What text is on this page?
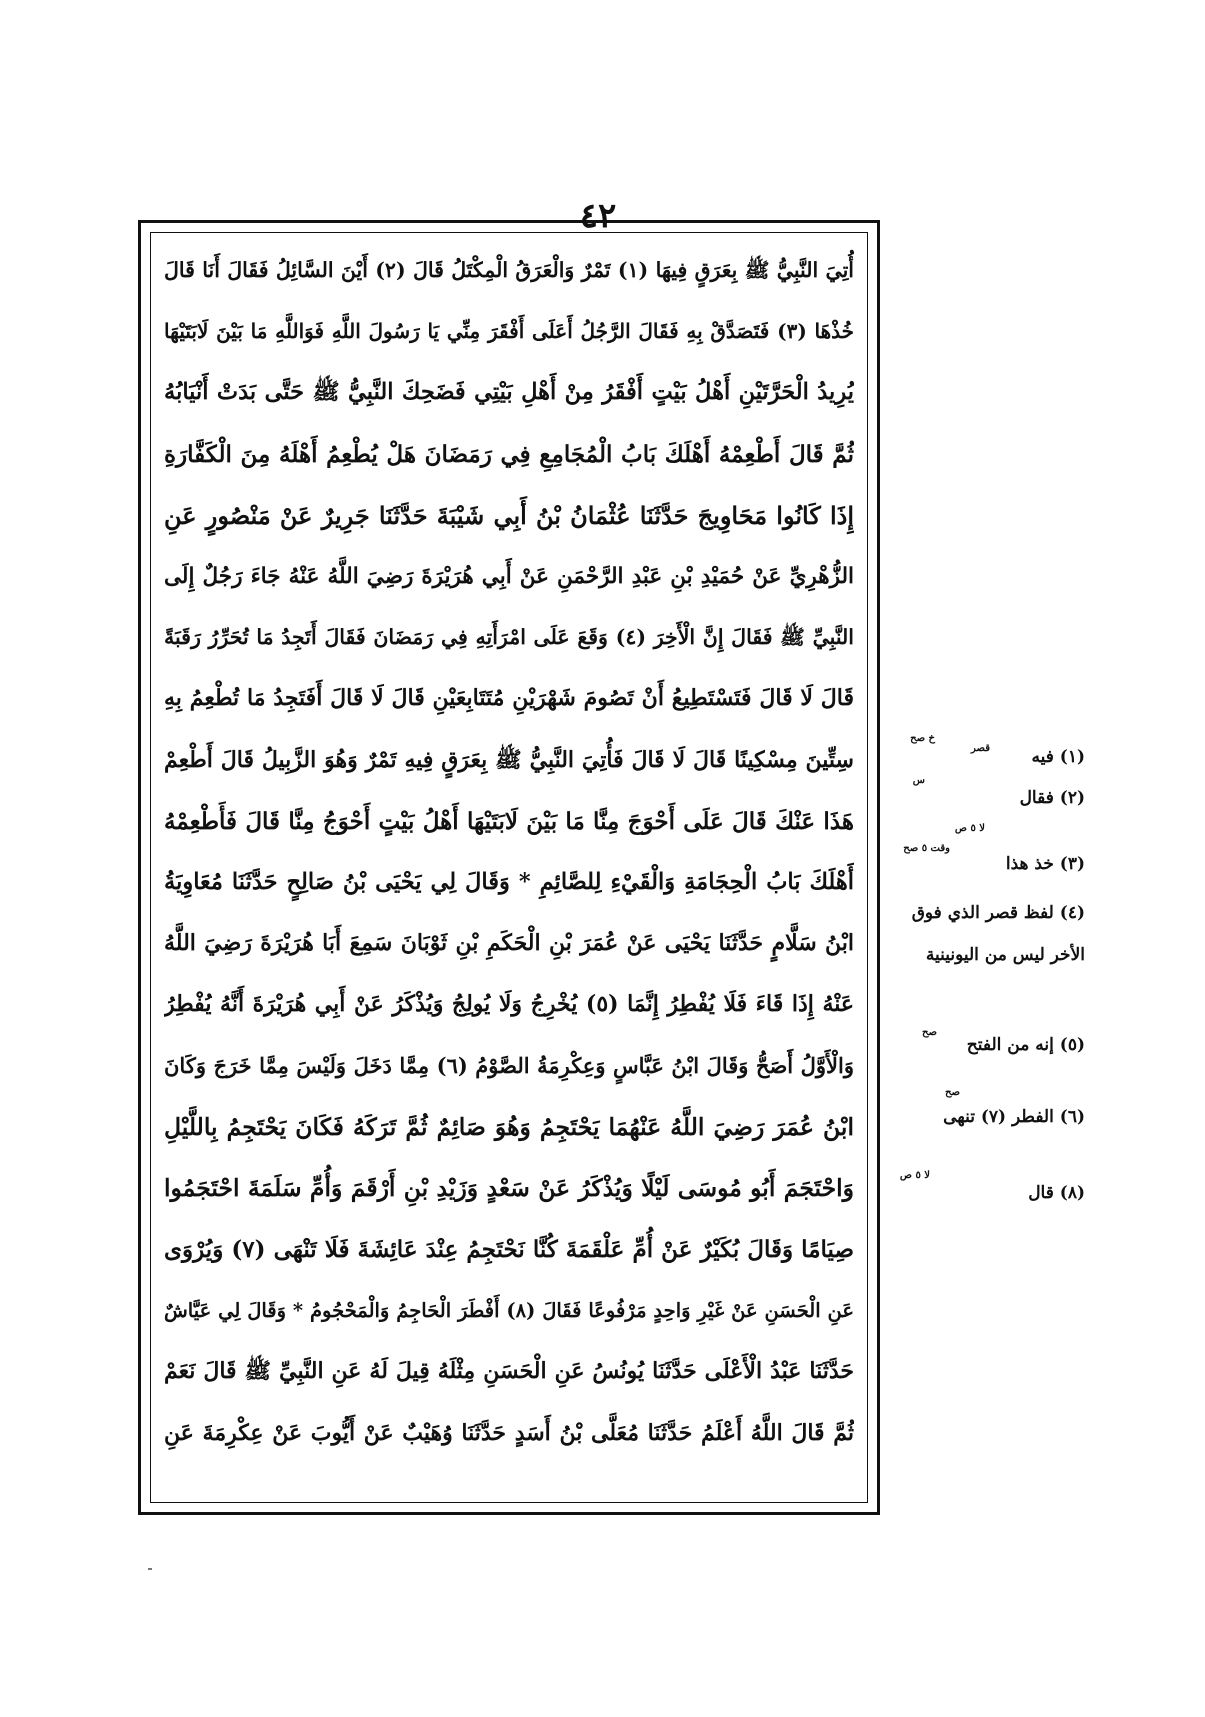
٤٢
أُتِيَ النَّبِيُّ ﷺ بِعَرَقٍ فِيهَا (١) تَمْرٌ وَالْعَرَقُ الْمِكْتَلُ قَالَ (٢) أَيْنَ السَّائِلُ فَقَالَ أَنَا قَالَ
خُذْهَا (٣) فَتَصَدَّقْ بِهِ فَقَالَ الرَّجُلُ أَعَلَى أَفْقَرَ مِنِّي يَا رَسُولَ اللَّهِ فَوَاللَّهِ مَا بَيْنَ لَابَتَيْهَا
يُرِيدُ الْحَرَّتَيْنِ أَهْلُ بَيْتٍ أَفْقَرُ مِنْ أَهْلِ بَيْتِي فَضَحِكَ النَّبِيُّ ﷺ حَتَّى بَدَتْ أَنْيَابُهُ
ثُمَّ قَالَ أَطْعِمْهُ أَهْلَكَ بَابُ الْمُجَامِعِ فِي رَمَضَانَ هَلْ يُطْعِمُ أَهْلَهُ مِنَ الْكَفَّارَةِ
إِذَا كَانُوا مَحَاوِيجَ حَدَّثَنَا عُثْمَانُ بْنُ أَبِي شَيْبَةَ حَدَّثَنَا جَرِيرٌ عَنْ مَنْصُورٍ عَنِ
الزُّهْرِيِّ عَنْ حُمَيْدِ بْنِ عَبْدِ الرَّحْمَنِ عَنْ أَبِي هُرَيْرَةَ رَضِيَ اللَّهُ عَنْهُ جَاءَ رَجُلٌ إِلَى
النَّبِيِّ ﷺ فَقَالَ إِنَّ الْأَخِرَ (٤) وَقَعَ عَلَى امْرَأَتِهِ فِي رَمَضَانَ فَقَالَ أَتَجِدُ مَا تُحَرِّرُ رَقَبَةً
قَالَ لَا قَالَ فَتَسْتَطِيعُ أَنْ تَصُومَ شَهْرَيْنِ مُتَتَابِعَيْنِ قَالَ لَا قَالَ أَفَتَجِدُ مَا تُطْعِمُ بِهِ
سِتِّينَ مِسْكِينًا قَالَ لَا قَالَ فَأُتِيَ النَّبِيُّ ﷺ بِعَرَقٍ فِيهِ تَمْرٌ وَهُوَ الزَّبِيلُ قَالَ أَطْعِمْ
هَذَا عَنْكَ قَالَ عَلَى أَحْوَجَ مِنَّا مَا بَيْنَ لَابَتَيْهَا أَهْلُ بَيْتٍ أَحْوَجُ مِنَّا قَالَ فَأَطْعِمْهُ
أَهْلَكَ بَابُ الْحِجَامَةِ وَالْقَيْءِ لِلصَّائِمِ * وَقَالَ لِي يَحْيَى بْنُ صَالِحٍ حَدَّثَنَا مُعَاوِيَةُ
ابْنُ سَلَّامٍ حَدَّثَنَا يَحْيَى عَنْ عُمَرَ بْنِ الْحَكَمِ بْنِ ثَوْبَانَ سَمِعَ أَبَا هُرَيْرَةَ رَضِيَ اللَّهُ
عَنْهُ إِذَا قَاءَ فَلَا يُفْطِرُ إِنَّمَا (٥) يُخْرِجُ وَلَا يُولِجُ وَيُذْكَرُ عَنْ أَبِي هُرَيْرَةَ أَنَّهُ يُفْطِرُ
وَالْأَوَّلُ أَصَحُّ وَقَالَ ابْنُ عَبَّاسٍ وَعِكْرِمَةُ الصَّوْمُ (٦) مِمَّا دَخَلَ وَلَيْسَ مِمَّا خَرَجَ وَكَانَ
ابْنُ عُمَرَ رَضِيَ اللَّهُ عَنْهُمَا يَحْتَجِمُ وَهُوَ صَائِمٌ ثُمَّ تَرَكَهُ فَكَانَ يَحْتَجِمُ بِاللَّيْلِ
وَاحْتَجَمَ أَبُو مُوسَى لَيْلًا وَيُذْكَرُ عَنْ سَعْدٍ وَزَيْدِ بْنِ أَرْقَمَ وَأُمِّ سَلَمَةَ احْتَجَمُوا
صِيَامًا وَقَالَ بُكَيْرٌ عَنْ أُمِّ عَلْقَمَةَ كُنَّا نَحْتَجِمُ عِنْدَ عَائِشَةَ فَلَا تَنْهَى (٧) وَيُرْوَى
عَنِ الْحَسَنِ عَنْ غَيْرِ وَاحِدٍ مَرْفُوعًا فَقَالَ (٨) أَفْطَرَ الْحَاجِمُ وَالْمَحْجُومُ * وَقَالَ لِي عَيَّاشٌ
حَدَّثَنَا عَبْدُ الْأَعْلَى حَدَّثَنَا يُونُسُ عَنِ الْحَسَنِ مِثْلَهُ قِيلَ لَهُ عَنِ النَّبِيِّ ﷺ قَالَ نَعَمْ
ثُمَّ قَالَ اللَّهُ أَعْلَمُ حَدَّثَنَا مُعَلَّى بْنُ أَسَدٍ حَدَّثَنَا وُهَيْبٌ عَنْ أَيُّوبَ عَنْ عِكْرِمَةَ عَنِ
خ صح
س
قصر
لا ٥ ص
وقت ٥ صح
صح
صح
لا ٥ ص
(١) فيه
(٢) فقال
(٣) خذ هذا
(٤) لفظ قصر الذي فوق
الأخر ليس من اليونينية
(٥) إنه من الفتح
(٦) الفطر (٧) تنهى
(٨) قال
